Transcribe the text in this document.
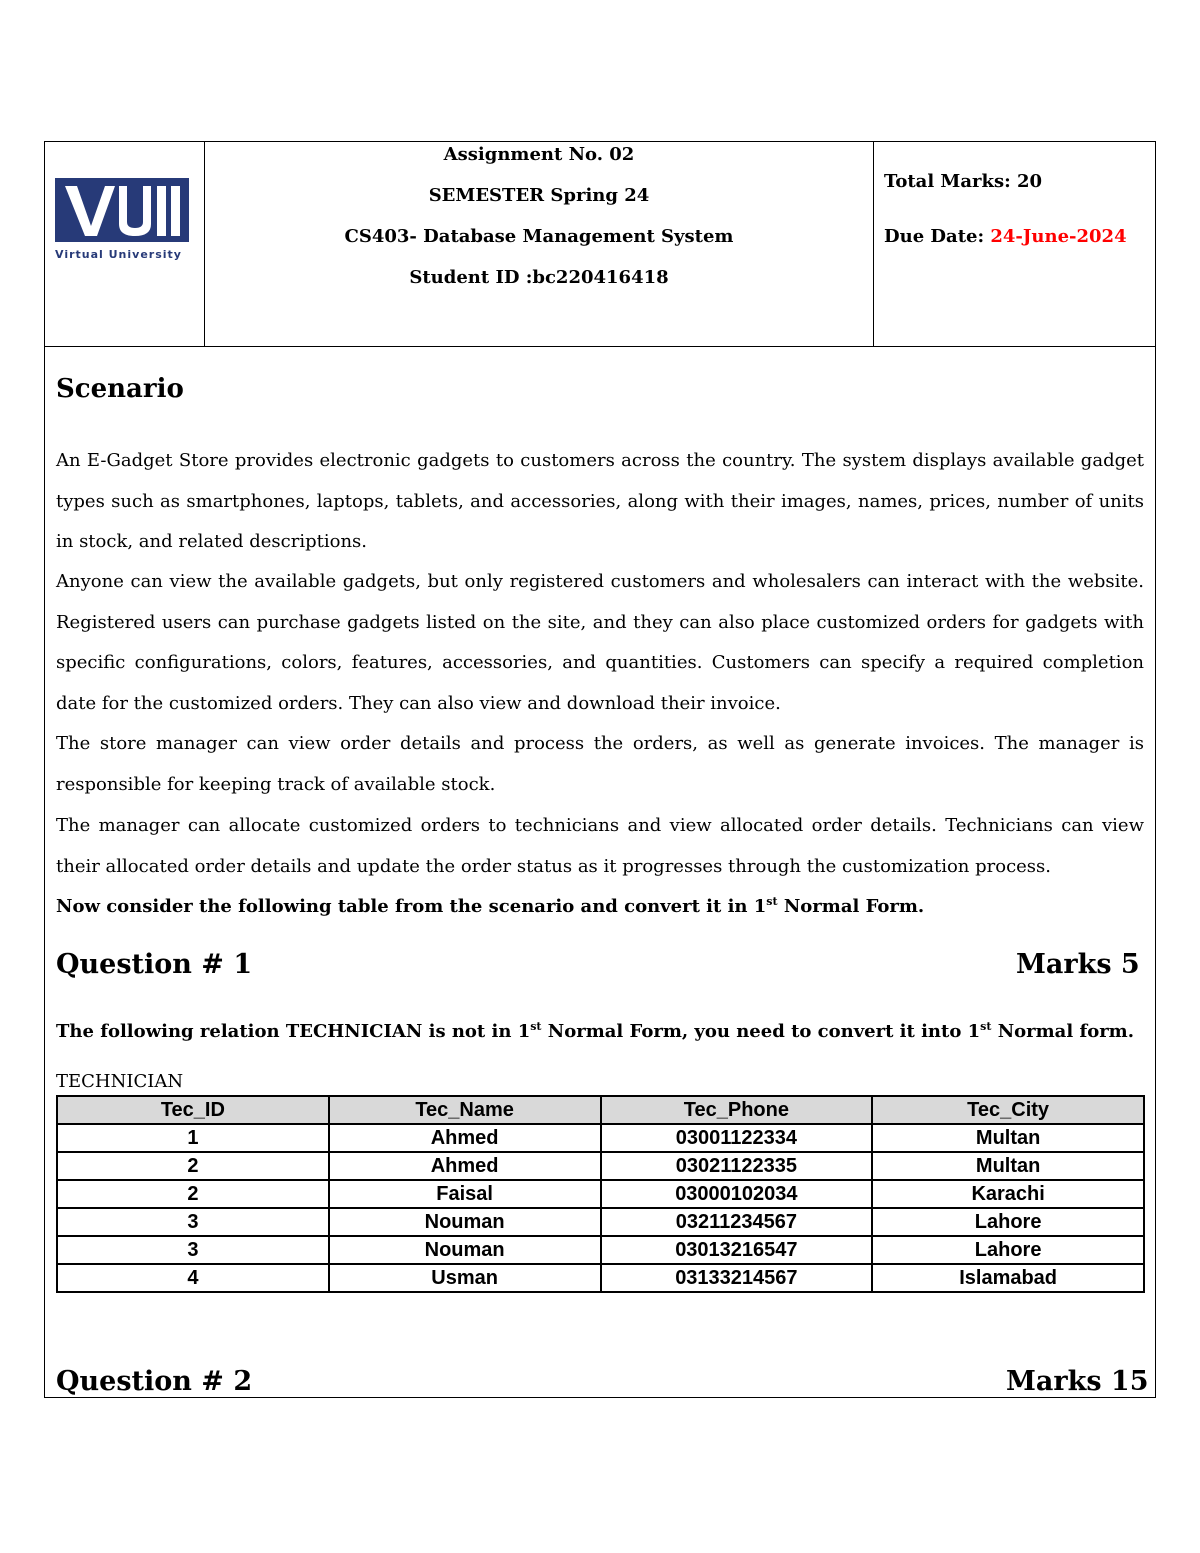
Virtual University
Assignment No. 02
SEMESTER Spring 24
CS403- Database Management System
Student ID :bc220416418
Total Marks: 20
Due Date: 24-June-2024
Scenario
An E-Gadget Store provides electronic gadgets to customers across the country. The system displays available gadget types such as smartphones, laptops, tablets, and accessories, along with their images, names, prices, number of units in stock, and related descriptions.
Anyone can view the available gadgets, but only registered customers and wholesalers can interact with the website. Registered users can purchase gadgets listed on the site, and they can also place customized orders for gadgets with specific configurations, colors, features, accessories, and quantities. Customers can specify a required completion date for the customized orders. They can also view and download their invoice.
The store manager can view order details and process the orders, as well as generate invoices. The manager is responsible for keeping track of available stock.
The manager can allocate customized orders to technicians and view allocated order details. Technicians can view their allocated order details and update the order status as it progresses through the customization process.
Now consider the following table from the scenario and convert it in 1st Normal Form.
Question # 1	Marks 5
The following relation TECHNICIAN is not in 1st Normal Form, you need to convert it into 1st Normal form.
TECHNICIAN
Tec_ID	Tec_Name	Tec_Phone	Tec_City
1	Ahmed	03001122334	Multan
2	Ahmed	03021122335	Multan
2	Faisal	03000102034	Karachi
3	Nouman	03211234567	Lahore
3	Nouman	03013216547	Lahore
4	Usman	03133214567	Islamabad
Question # 2	Marks 15
